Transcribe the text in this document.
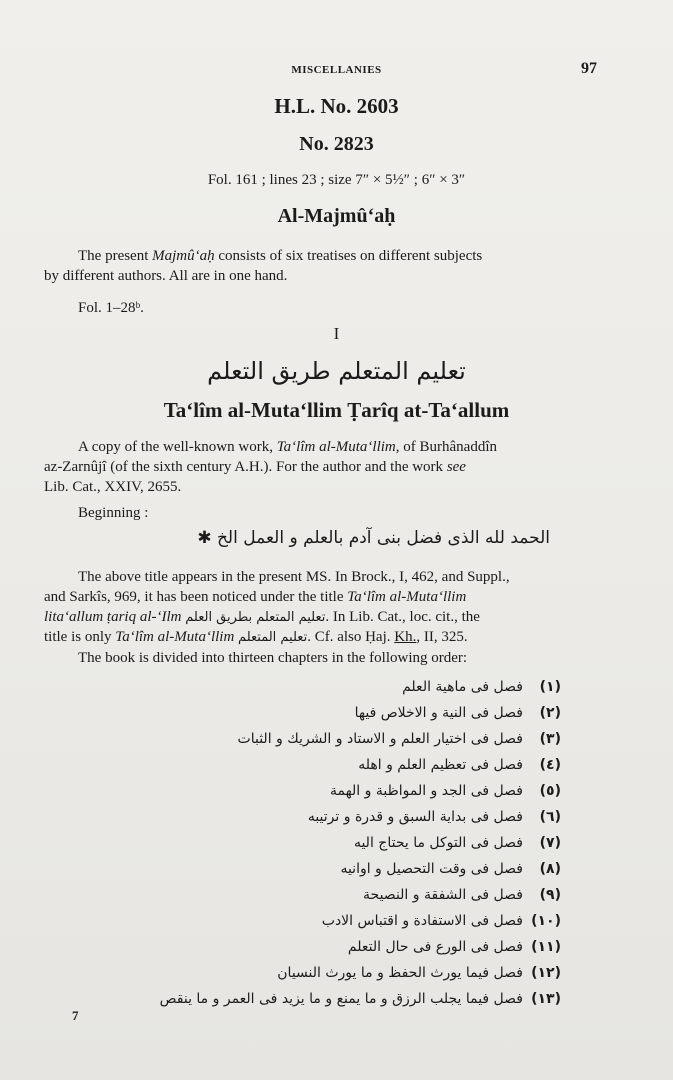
MISCELLANIES	97
H.L. No. 2603
No. 2823
Fol. 161 ; lines 23 ; size 7″ × 5½″ ; 6″ × 3″
Al-Majmû‘aḥ
The present Majmû‘aḥ consists of six treatises on different subjects
by different authors. All are in one hand.
Fol. 1–28ᵇ.
I
تعليم المتعلم طريق التعلم
Ta‘lîm al-Muta‘llim Ṭarîq at-Ta‘allum
A copy of the well-known work, Ta‘lîm al-Muta‘llim, of Burhânaddîn
az-Zarnûjî (of the sixth century A.H.). For the author and the work see
Lib. Cat., XXIV, 2655.
Beginning :
الحمد لله الذى فضل بنى آدم بالعلم و العمل الخ ✱
The above title appears in the present MS. In Brock., I, 462, and Suppl.,
and Sarkîs, 969, it has been noticed under the title Ta‘lîm al-Muta‘llim
lita‘allum ṭariq al-‘Ilm تعليم المتعلم بطريق العلم. In Lib. Cat., loc. cit., the
title is only Ta‘lîm al-Muta‘llim تعليم المتعلم. Cf. also Ḥaj. Kh., II, 325.
The book is divided into thirteen chapters in the following order:
(١)فصل فى ماهية العلم
(٢)فصل فى النية و الاخلاص فيها
(٣)فصل فى اختيار العلم و الاستاد و الشريك و الثبات
(٤)فصل فى تعظيم العلم و اهله
(٥)فصل فى الجد و المواظبة و الهمة
(٦)فصل فى بداية السبق و قدرة و ترتيبه
(٧)فصل فى التوكل ما يحتاج اليه
(٨)فصل فى وقت التحصيل و اوانيه
(٩)فصل فى الشفقة و النصيحة
(١٠)فصل فى الاستفادة و اقتباس الادب
(١١)فصل فى الورع فى حال التعلم
(١٢)فصل فيما يورث الحفظ و ما يورث النسيان
(١٣)فصل فيما يجلب الرزق و ما يمنع و ما يزيد فى العمر و ما ينقص
7
